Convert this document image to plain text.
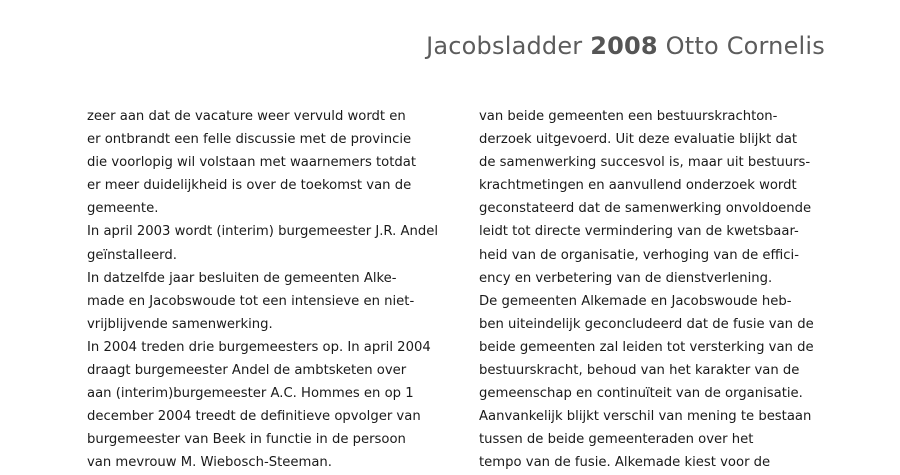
Jacobsladder 2008 Otto Cornelis
zeer aan dat de vacature weer vervuld wordt en
er ontbrandt een felle discussie met de provincie
die voorlopig wil volstaan met waarnemers totdat
er meer duidelijkheid is over de toekomst van de
gemeente.
In april 2003 wordt (interim) burgemeester J.R. Andel
geïnstalleerd.
In datzelfde jaar besluiten de gemeenten Alke-
made en Jacobswoude tot een intensieve en niet-
vrijblijvende samenwerking.
In 2004 treden drie burgemeesters op. In april 2004
draagt burgemeester Andel de ambtsketen over
aan (interim)burgemeester A.C. Hommes en op 1
december 2004 treedt de definitieve opvolger van
burgemeester van Beek in functie in de persoon
van mevrouw M. Wiebosch-Steeman.
van beide gemeenten een bestuurskrachton-
derzoek uitgevoerd. Uit deze evaluatie blijkt dat
de samenwerking succesvol is, maar uit bestuurs-
krachtmetingen en aanvullend onderzoek wordt
geconstateerd dat de samenwerking onvoldoende
leidt tot directe vermindering van de kwetsbaar-
heid van de organisatie, verhoging van de effici-
ency en verbetering van de dienstverlening.
De gemeenten Alkemade en Jacobswoude heb-
ben uiteindelijk geconcludeerd dat de fusie van de
beide gemeenten zal leiden tot versterking van de
bestuurskracht, behoud van het karakter van de
gemeenschap en continuïteit van de organisatie.
Aanvankelijk blijkt verschil van mening te bestaan
tussen de beide gemeenteraden over het
tempo van de fusie. Alkemade kiest voor de
